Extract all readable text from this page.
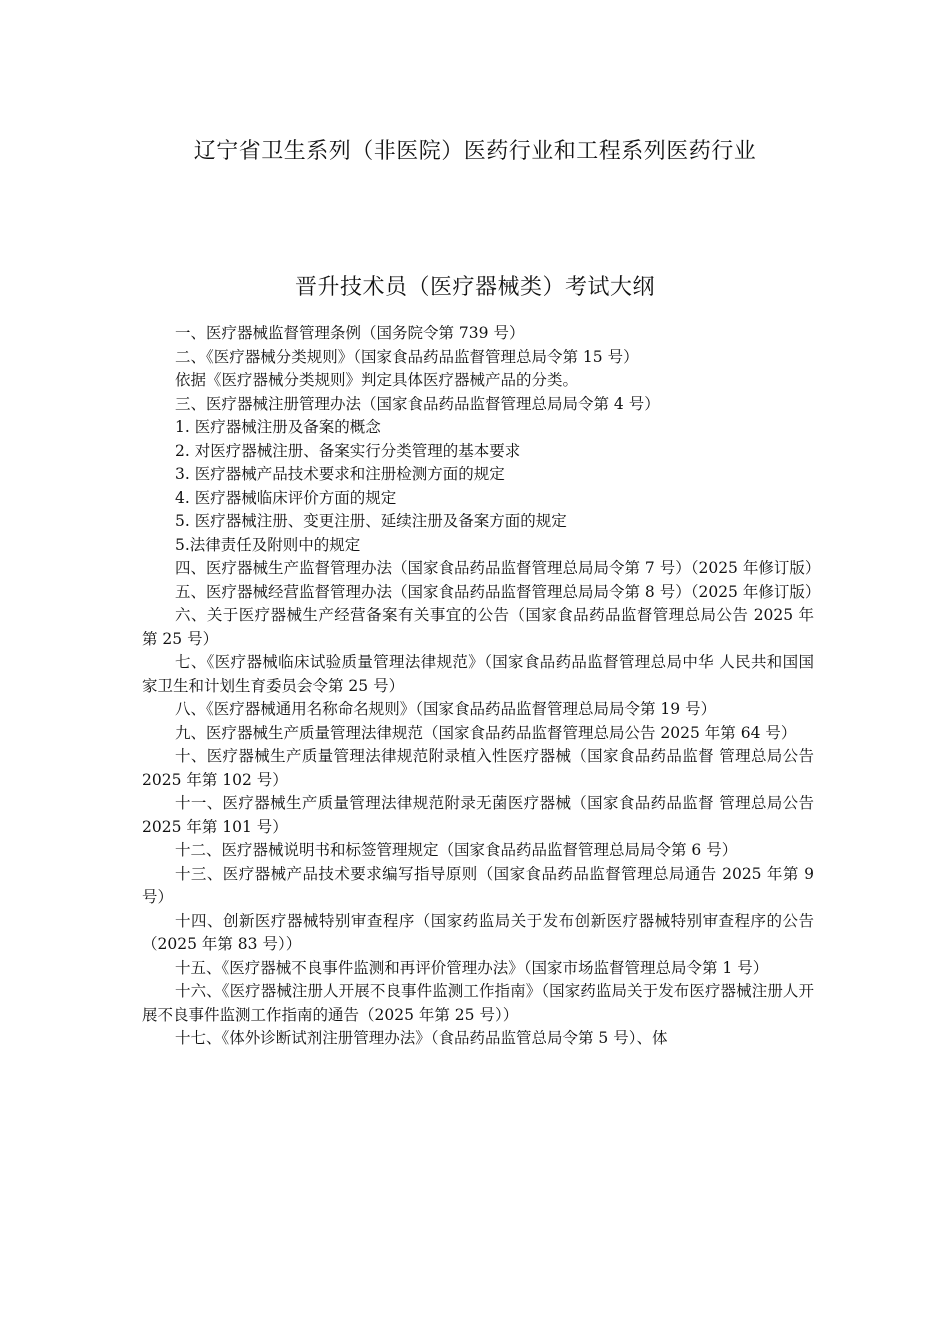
辽宁省卫生系列（非医院）医药行业和工程系列医药行业
晋升技术员（医疗器械类）考试大纲

一、医疗器械监督管理条例（国务院令第 739 号）

二、《医疗器械分类规则》（国家食品药品监督管理总局令第 15 号）

依据《医疗器械分类规则》判定具体医疗器械产品的分类。

三、医疗器械注册管理办法（国家食品药品监督管理总局局令第 4 号）

1. 医疗器械注册及备案的概念

2. 对医疗器械注册、备案实行分类管理的基本要求

3. 医疗器械产品技术要求和注册检测方面的规定

4. 医疗器械临床评价方面的规定

5. 医疗器械注册、变更注册、延续注册及备案方面的规定

5.法律责任及附则中的规定

四、医疗器械生产监督管理办法（国家食品药品监督管理总局局令第 7 号）（2025 年修订版）

五、医疗器械经营监督管理办法（国家食品药品监督管理总局局令第 8 号）（2025 年修订版）

六、关于医疗器械生产经营备案有关事宜的公告（国家食品药品监督管理总局公告 2025 年 第 25 号）

七、《医疗器械临床试验质量管理法律规范》（国家食品药品监督管理总局中华 人民共和国国家卫生和计划生育委员会令第 25 号）

八、《医疗器械通用名称命名规则》（国家食品药品监督管理总局局令第 19 号）

九、医疗器械生产质量管理法律规范（国家食品药品监督管理总局公告 2025 年第 64 号）

十、医疗器械生产质量管理法律规范附录植入性医疗器械（国家食品药品监督 管理总局公告 2025 年第 102 号）

十一、医疗器械生产质量管理法律规范附录无菌医疗器械（国家食品药品监督 管理总局公告 2025 年第 101 号）

十二、医疗器械说明书和标签管理规定（国家食品药品监督管理总局局令第 6 号）

十三、医疗器械产品技术要求编写指导原则（国家食品药品监督管理总局通告 2025 年第 9 号）

十四、创新医疗器械特别审查程序（国家药监局关于发布创新医疗器械特别审查程序的公告（2025 年第 83 号））

十五、《医疗器械不良事件监测和再评价管理办法》（国家市场监督管理总局令第 1 号）

十六、《医疗器械注册人开展不良事件监测工作指南》（国家药监局关于发布医疗器械注册人开展不良事件监测工作指南的通告（2025 年第 25 号））

十七、《体外诊断试剂注册管理办法》（食品药品监管总局令第 5 号）、体
